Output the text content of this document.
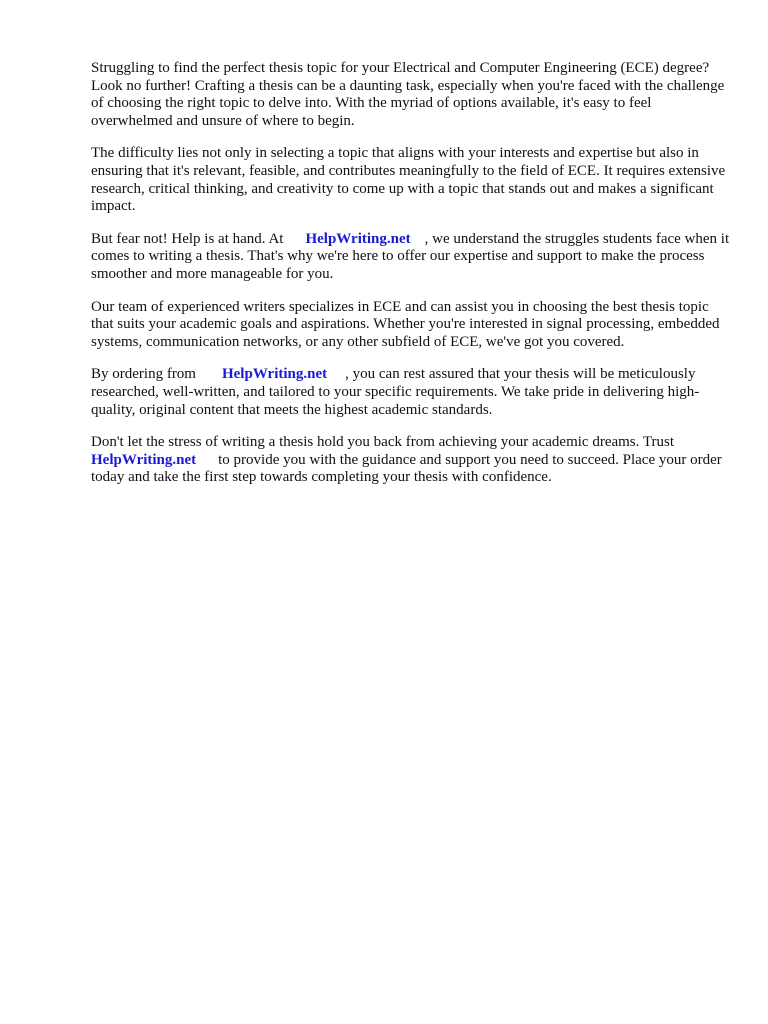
Struggling to find the perfect thesis topic for your Electrical and Computer Engineering (ECE) degree? Look no further! Crafting a thesis can be a daunting task, especially when you're faced with the challenge of choosing the right topic to delve into. With the myriad of options available, it's easy to feel overwhelmed and unsure of where to begin.

The difficulty lies not only in selecting a topic that aligns with your interests and expertise but also in ensuring that it's relevant, feasible, and contributes meaningfully to the field of ECE. It requires extensive research, critical thinking, and creativity to come up with a topic that stands out and makes a significant impact.

But fear not! Help is at hand. At HelpWriting.net , we understand the struggles students face when it comes to writing a thesis. That's why we're here to offer our expertise and support to make the process smoother and more manageable for you.

Our team of experienced writers specializes in ECE and can assist you in choosing the best thesis topic that suits your academic goals and aspirations. Whether you're interested in signal processing, embedded systems, communication networks, or any other subfield of ECE, we've got you covered.

By ordering from HelpWriting.net , you can rest assured that your thesis will be meticulously researched, well-written, and tailored to your specific requirements. We take pride in delivering high-quality, original content that meets the highest academic standards.

Don't let the stress of writing a thesis hold you back from achieving your academic dreams. Trust HelpWriting.net to provide you with the guidance and support you need to succeed. Place your order today and take the first step towards completing your thesis with confidence.
